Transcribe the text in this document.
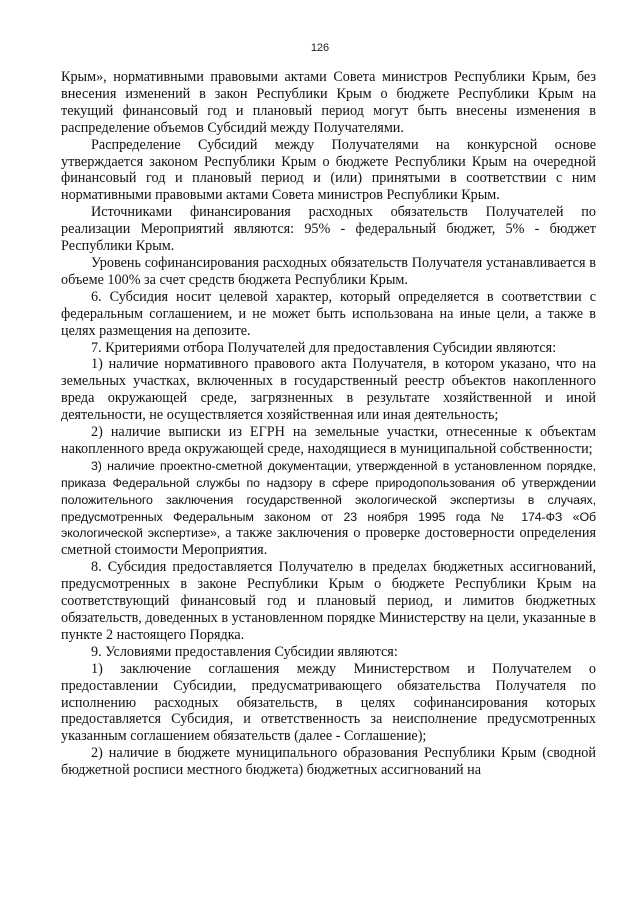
126

Крым», нормативными правовыми актами Совета министров Республики Крым, без внесения изменений в закон Республики Крым о бюджете Республики Крым на текущий финансовый год и плановый период могут быть внесены изменения в распределение объемов Субсидий между Получателями.

Распределение Субсидий между Получателями на конкурсной основе утверждается законом Республики Крым о бюджете Республики Крым на очередной финансовый год и плановый период и (или) принятыми в соответствии с ним нормативными правовыми актами Совета министров Республики Крым.

Источниками финансирования расходных обязательств Получателей по реализации Мероприятий являются: 95% - федеральный бюджет, 5% - бюджет Республики Крым.

Уровень софинансирования расходных обязательств Получателя устанавливается в объеме 100% за счет средств бюджета Республики Крым.

6. Субсидия носит целевой характер, который определяется в соответствии с федеральным соглашением, и не может быть использована на иные цели, а также в целях размещения на депозите.

7. Критериями отбора Получателей для предоставления Субсидии являются:

1) наличие нормативного правового акта Получателя, в котором указано, что на земельных участках, включенных в государственный реестр объектов накопленного вреда окружающей среде, загрязненных в результате хозяйственной и иной деятельности, не осуществляется хозяйственная или иная деятельность;

2) наличие выписки из ЕГРН на земельные участки, отнесенные к объектам накопленного вреда окружающей среде, находящиеся в муниципальной собственности;

3) наличие проектно-сметной документации, утвержденной в установленном порядке, приказа Федеральной службы по надзору в сфере природопользования об утверждении положительного заключения государственной экологической экспертизы в случаях, предусмотренных Федеральным законом от 23 ноября 1995 года № 174-ФЗ «Об экологической экспертизе», а также заключения о проверке достоверности определения сметной стоимости Мероприятия.

8. Субсидия предоставляется Получателю в пределах бюджетных ассигнований, предусмотренных в законе Республики Крым о бюджете Республики Крым на соответствующий финансовый год и плановый период, и лимитов бюджетных обязательств, доведенных в установленном порядке Министерству на цели, указанные в пункте 2 настоящего Порядка.

9. Условиями предоставления Субсидии являются:

1) заключение соглашения между Министерством и Получателем о предоставлении Субсидии, предусматривающего обязательства Получателя по исполнению расходных обязательств, в целях софинансирования которых предоставляется Субсидия, и ответственность за неисполнение предусмотренных указанным соглашением обязательств (далее - Соглашение);

2) наличие в бюджете муниципального образования Республики Крым (сводной бюджетной росписи местного бюджета) бюджетных ассигнований на
